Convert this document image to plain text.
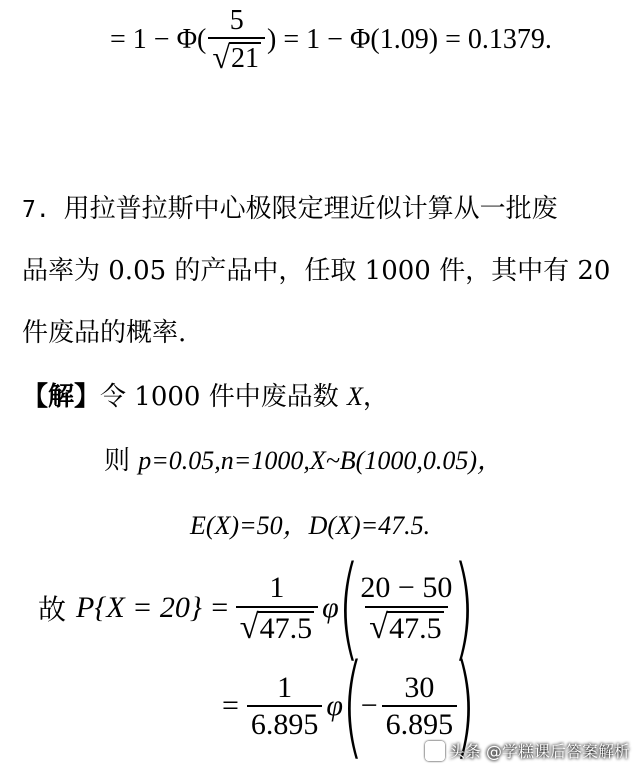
= $1 - \Phi( \frac{5}{√ 21}$ ) = 1 − Φ(1.09) = 0.1379.
7. 用拉普拉斯中心极限定理近似计算从一批废
品率为 0.05 的产品中，任取 1000 件，其中有 20
件废品的概率.
【解】令 1000 件中废品数 X，
则 p=0.05,n=1000,X~B(1000,0.05)，
E(X)=50，D(X)=47.5.
故 $P\{X = 20\} = \frac{1}{√ 47.5}$ φ
(
$\frac{20 - 50}{√ 47.5}$
)
= $\frac{1}{6.895}$ φ
(
− $\frac{30}{6.895}$
)
头条 @学糕课后答案解析
